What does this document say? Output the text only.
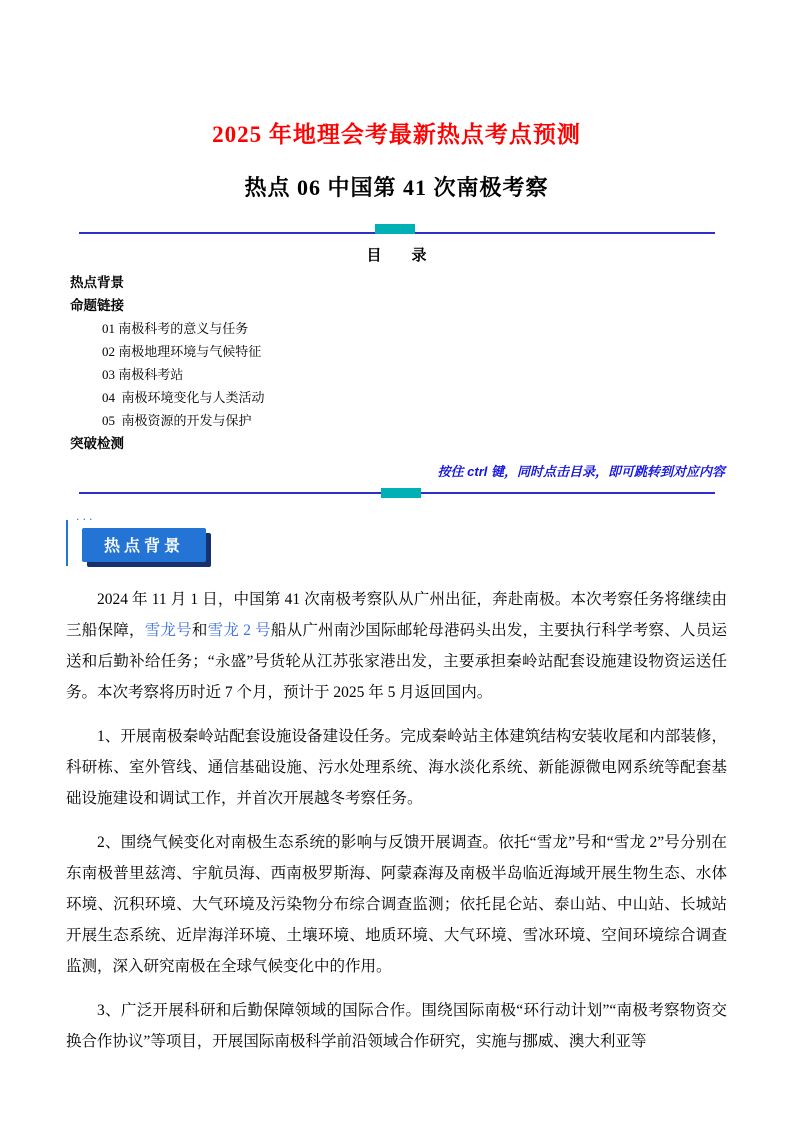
2025 年地理会考最新热点考点预测
热点 06 中国第 41 次南极考察
目　　录
热点背景
命题链接
01 南极科考的意义与任务
02 南极地理环境与气候特征
03 南极科考站
04  南极环境变化与人类活动
05  南极资源的开发与保护
突破检测
按住 ctrl 键，同时点击目录，即可跳转到对应内容
···
热点背景

2024 年 11 月 1 日，中国第 41 次南极考察队从广州出征，奔赴南极。本次考察任务将继续由三船保障，雪龙号和雪龙 2 号船从广州南沙国际邮轮母港码头出发，主要执行科学考察、人员运送和后勤补给任务；“永盛”号货轮从江苏张家港出发，主要承担秦岭站配套设施建设物资运送任务。本次考察将历时近 7 个月，预计于 2025 年 5 月返回国内。

1、开展南极秦岭站配套设施设备建设任务。完成秦岭站主体建筑结构安装收尾和内部装修，科研栋、室外管线、通信基础设施、污水处理系统、海水淡化系统、新能源微电网系统等配套基础设施建设和调试工作，并首次开展越冬考察任务。

2、围绕气候变化对南极生态系统的影响与反馈开展调查。依托“雪龙”号和“雪龙 2”号分别在东南极普里兹湾、宇航员海、西南极罗斯海、阿蒙森海及南极半岛临近海域开展生物生态、水体环境、沉积环境、大气环境及污染物分布综合调查监测；依托昆仑站、泰山站、中山站、长城站开展生态系统、近岸海洋环境、土壤环境、地质环境、大气环境、雪冰环境、空间环境综合调查监测，深入研究南极在全球气候变化中的作用。

3、广泛开展科研和后勤保障领域的国际合作。围绕国际南极“环行动计划”“南极考察物资交换合作协议”等项目，开展国际南极科学前沿领域合作研究，实施与挪威、澳大利亚等
